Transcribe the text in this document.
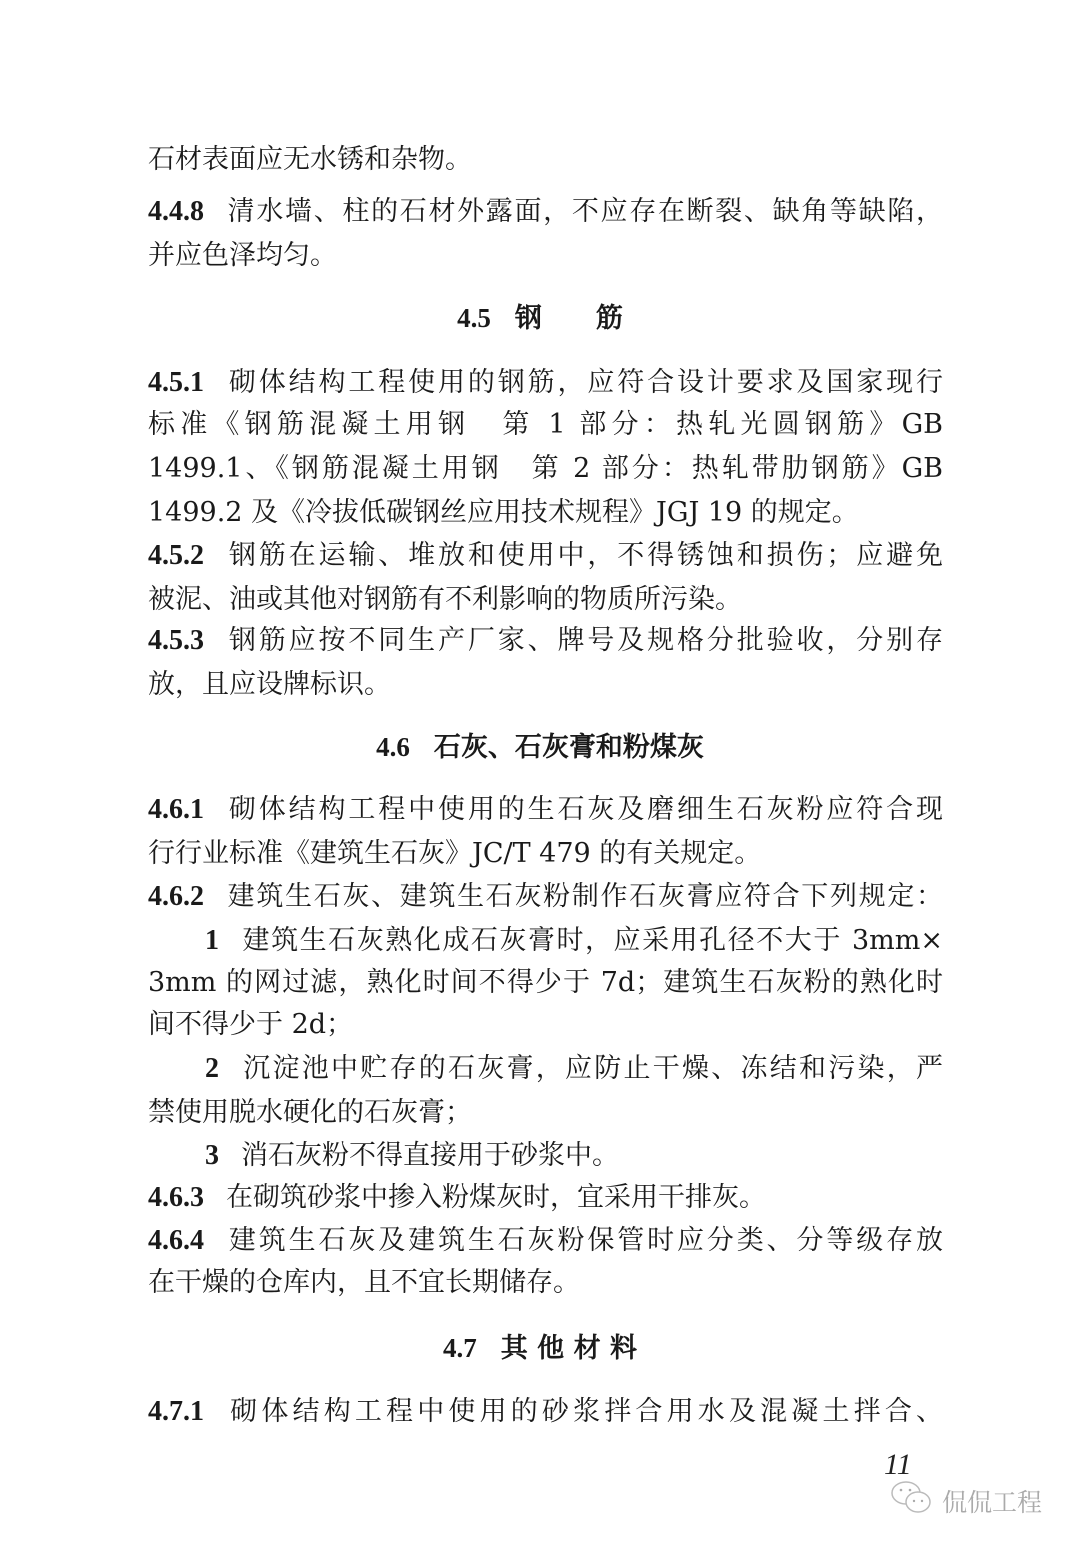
石材表面应无水锈和杂物。
4.4.8 清水墙、柱的石材外露面，不应存在断裂、缺角等缺陷，
并应色泽均匀。
4.5 钢　　筋
4.5.1 砌体结构工程使用的钢筋，应符合设计要求及国家现行
标准《钢筋混凝土用钢　第 1 部分：热轧光圆钢筋》GB
1499.1、《钢筋混凝土用钢　第 2 部分：热轧带肋钢筋》GB
1499.2 及《冷拔低碳钢丝应用技术规程》JGJ 19 的规定。
4.5.2 钢筋在运输、堆放和使用中，不得锈蚀和损伤；应避免
被泥、油或其他对钢筋有不利影响的物质所污染。
4.5.3 钢筋应按不同生产厂家、牌号及规格分批验收，分别存
放，且应设牌标识。
4.6 石灰、石灰膏和粉煤灰
4.6.1 砌体结构工程中使用的生石灰及磨细生石灰粉应符合现
行行业标准《建筑生石灰》JC/T 479 的有关规定。
4.6.2 建筑生石灰、建筑生石灰粉制作石灰膏应符合下列规定：
1 建筑生石灰熟化成石灰膏时，应采用孔径不大于 3mm×
3mm 的网过滤，熟化时间不得少于 7d；建筑生石灰粉的熟化时
间不得少于 2d；
2 沉淀池中贮存的石灰膏，应防止干燥、冻结和污染，严
禁使用脱水硬化的石灰膏；
3 消石灰粉不得直接用于砂浆中。
4.6.3 在砌筑砂浆中掺入粉煤灰时，宜采用干排灰。
4.6.4 建筑生石灰及建筑生石灰粉保管时应分类、分等级存放
在干燥的仓库内，且不宜长期储存。
4.7 其 他 材 料
4.7.1 砌体结构工程中使用的砂浆拌合用水及混凝土拌合、
11
侃侃工程
